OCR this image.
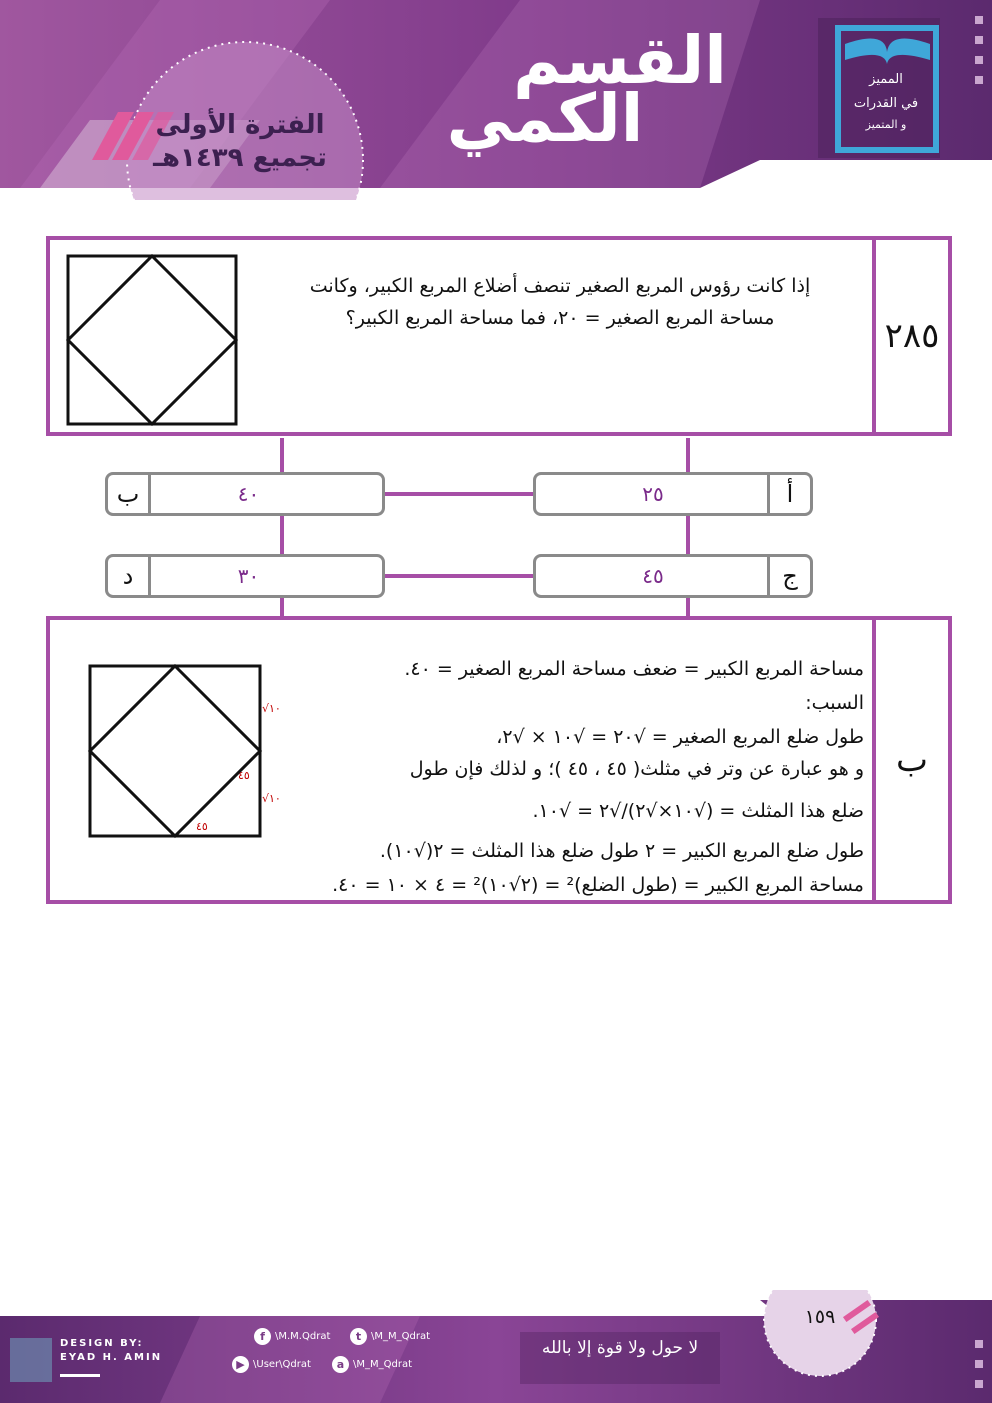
القسم
الكمي
الفترة الأولى
تجميع ١٤٣٩هـ
المميز
في القدرات
و المتميز
إذا كانت رؤوس المربع الصغير تنصف أضلاع المربع الكبير، وكانت
مساحة المربع الصغير = ٢٠، فما مساحة المربع الكبير؟	٢٨٥
أ
٢٥
ب	٤٠
ج
٤٥
د	٣٠
√١٠
√١٠
٤٥
٤٥
مساحة المربع الكبير = ضعف مساحة المربع الصغير = ٤٠.
السبب:
طول ضلع المربع الصغير = √٢٠ = √١٠ × √٢،
و هو عبارة عن وتر في مثلث( ٤٥ ، ٤٥ )؛ و لذلك فإن طول
ضلع هذا المثلث = (√١٠×√٢)/√٢ = √١٠.
طول ضلع المربع الكبير = ٢ طول ضلع هذا المثلث = ٢(√١٠).
مساحة المربع الكبير = (طول الضلع)² = (٢√١٠)² = ٤ × ١٠ = ٤٠.
ب
١٥٩
DESIGN BY:
EYAD H. AMIN
f	\M.M.Qdrat	t \M_M_Qdrat
▶ \User\Qdrat	a \M_M_Qdrat
لا حول ولا قوة إلا بالله
